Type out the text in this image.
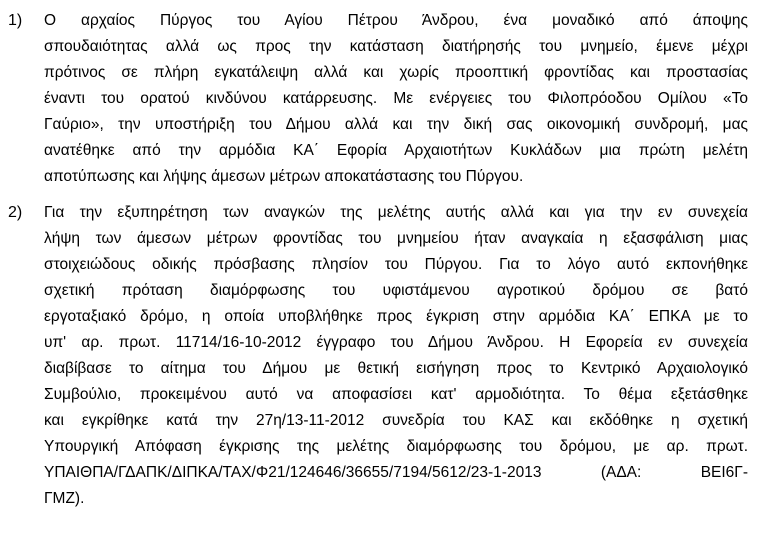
1) Ο αρχαίος Πύργος του Αγίου Πέτρου Άνδρου, ένα μοναδικό από άποψης
σπουδαιότητας αλλά ως προς την κατάσταση διατήρησής του μνημείο, έμενε μέχρι
πρότινος σε πλήρη εγκατάλειψη αλλά και χωρίς προοπτική φροντίδας και προστασίας
έναντι του ορατού κινδύνου κατάρρευσης. Με ενέργειες του Φιλοπρόοδου Ομίλου «Το
Γαύριο», την υποστήριξη του Δήμου αλλά και την δική σας οικονομική συνδρομή, μας
ανατέθηκε από την αρμόδια ΚΑ΄ Εφορία Αρχαιοτήτων Κυκλάδων μια πρώτη μελέτη
αποτύπωσης και λήψης άμεσων μέτρων αποκατάστασης του Πύργου.
2) Για την εξυπηρέτηση των αναγκών της μελέτης αυτής αλλά και για την εν συνεχεία
λήψη των άμεσων μέτρων φροντίδας του μνημείου ήταν αναγκαία η εξασφάλιση μιας
στοιχειώδους οδικής πρόσβασης πλησίον του Πύργου. Για το λόγο αυτό εκπονήθηκε
σχετική πρόταση διαμόρφωσης του υφιστάμενου αγροτικού δρόμου σε βατό
εργοταξιακό δρόμο, η οποία υποβλήθηκε προς έγκριση στην αρμόδια ΚΑ΄ ΕΠΚΑ με το
υπ' αρ. πρωτ. 11714/16-10-2012 έγγραφο του Δήμου Άνδρου. Η Εφορεία εν συνεχεία
διαβίβασε το αίτημα του Δήμου με θετική εισήγηση προς το Κεντρικό Αρχαιολογικό
Συμβούλιο, προκειμένου αυτό να αποφασίσει κατ' αρμοδιότητα. Το θέμα εξετάσθηκε
και εγκρίθηκε κατά την 27η/13-11-2012 συνεδρία του ΚΑΣ και εκδόθηκε η σχετική
Υπουργική Απόφαση έγκρισης της μελέτης διαμόρφωσης του δρόμου, με αρ. πρωτ.
ΥΠΑΙΘΠΑ/ΓΔΑΠΚ/ΔΙΠΚΑ/ΤΑΧ/Φ21/124646/36655/7194/5612/23-1-2013 (ΑΔΑ: ΒΕΙ6Γ-
ΓΜΖ).
